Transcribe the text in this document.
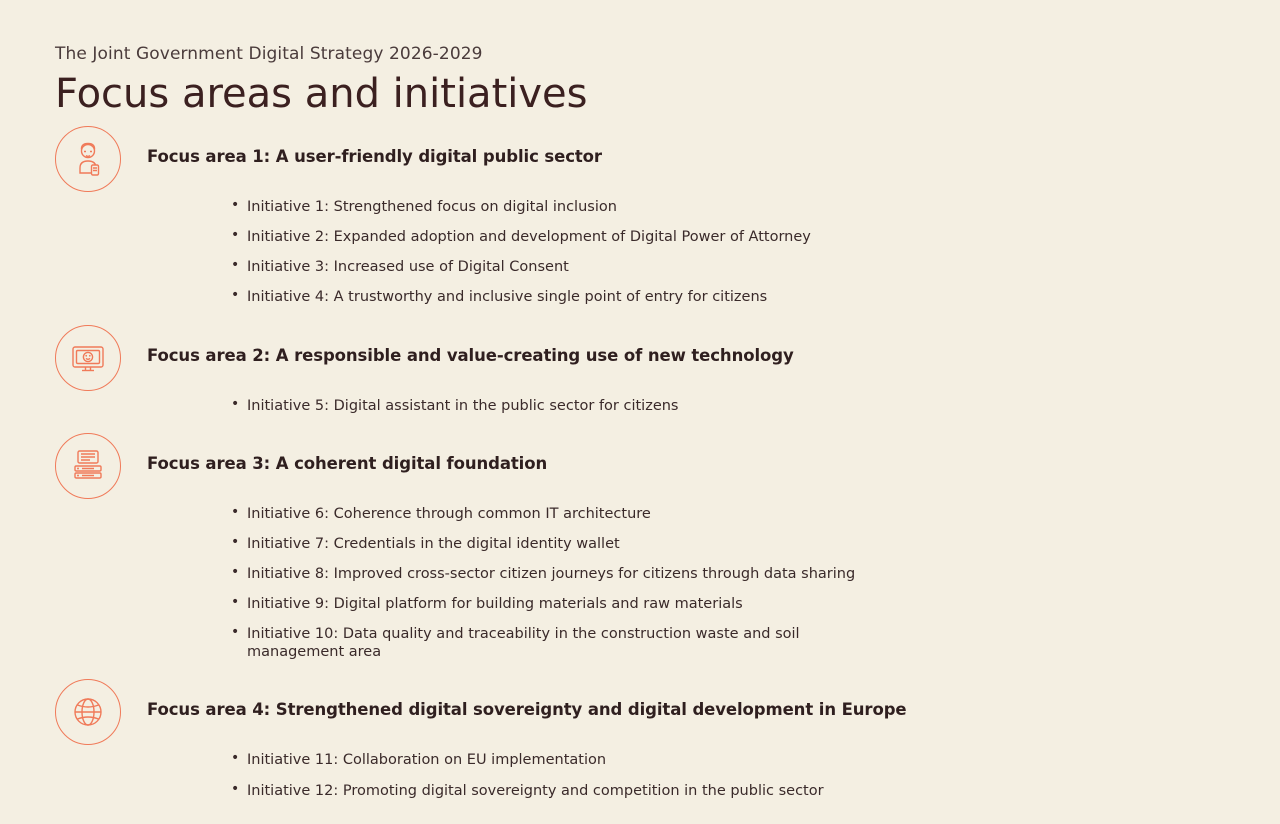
The Joint Government Digital Strategy 2026-2029
Focus areas and initiatives
Focus area 1: A user-friendly digital public sector
• Initiative 1: Strengthened focus on digital inclusion
• Initiative 2: Expanded adoption and development of Digital Power of Attorney
• Initiative 3: Increased use of Digital Consent
• Initiative 4: A trustworthy and inclusive single point of entry for citizens
Focus area 2: A responsible and value-creating use of new technology
• Initiative 5: Digital assistant in the public sector for citizens
Focus area 3: A coherent digital foundation
• Initiative 6: Coherence through common IT architecture
• Initiative 7: Credentials in the digital identity wallet
• Initiative 8: Improved cross-sector citizen journeys for citizens through data sharing
• Initiative 9: Digital platform for building materials and raw materials
• Initiative 10: Data quality and traceability in the construction waste and soil management area
Focus area 4: Strengthened digital sovereignty and digital development in Europe
• Initiative 11: Collaboration on EU implementation
• Initiative 12: Promoting digital sovereignty and competition in the public sector
